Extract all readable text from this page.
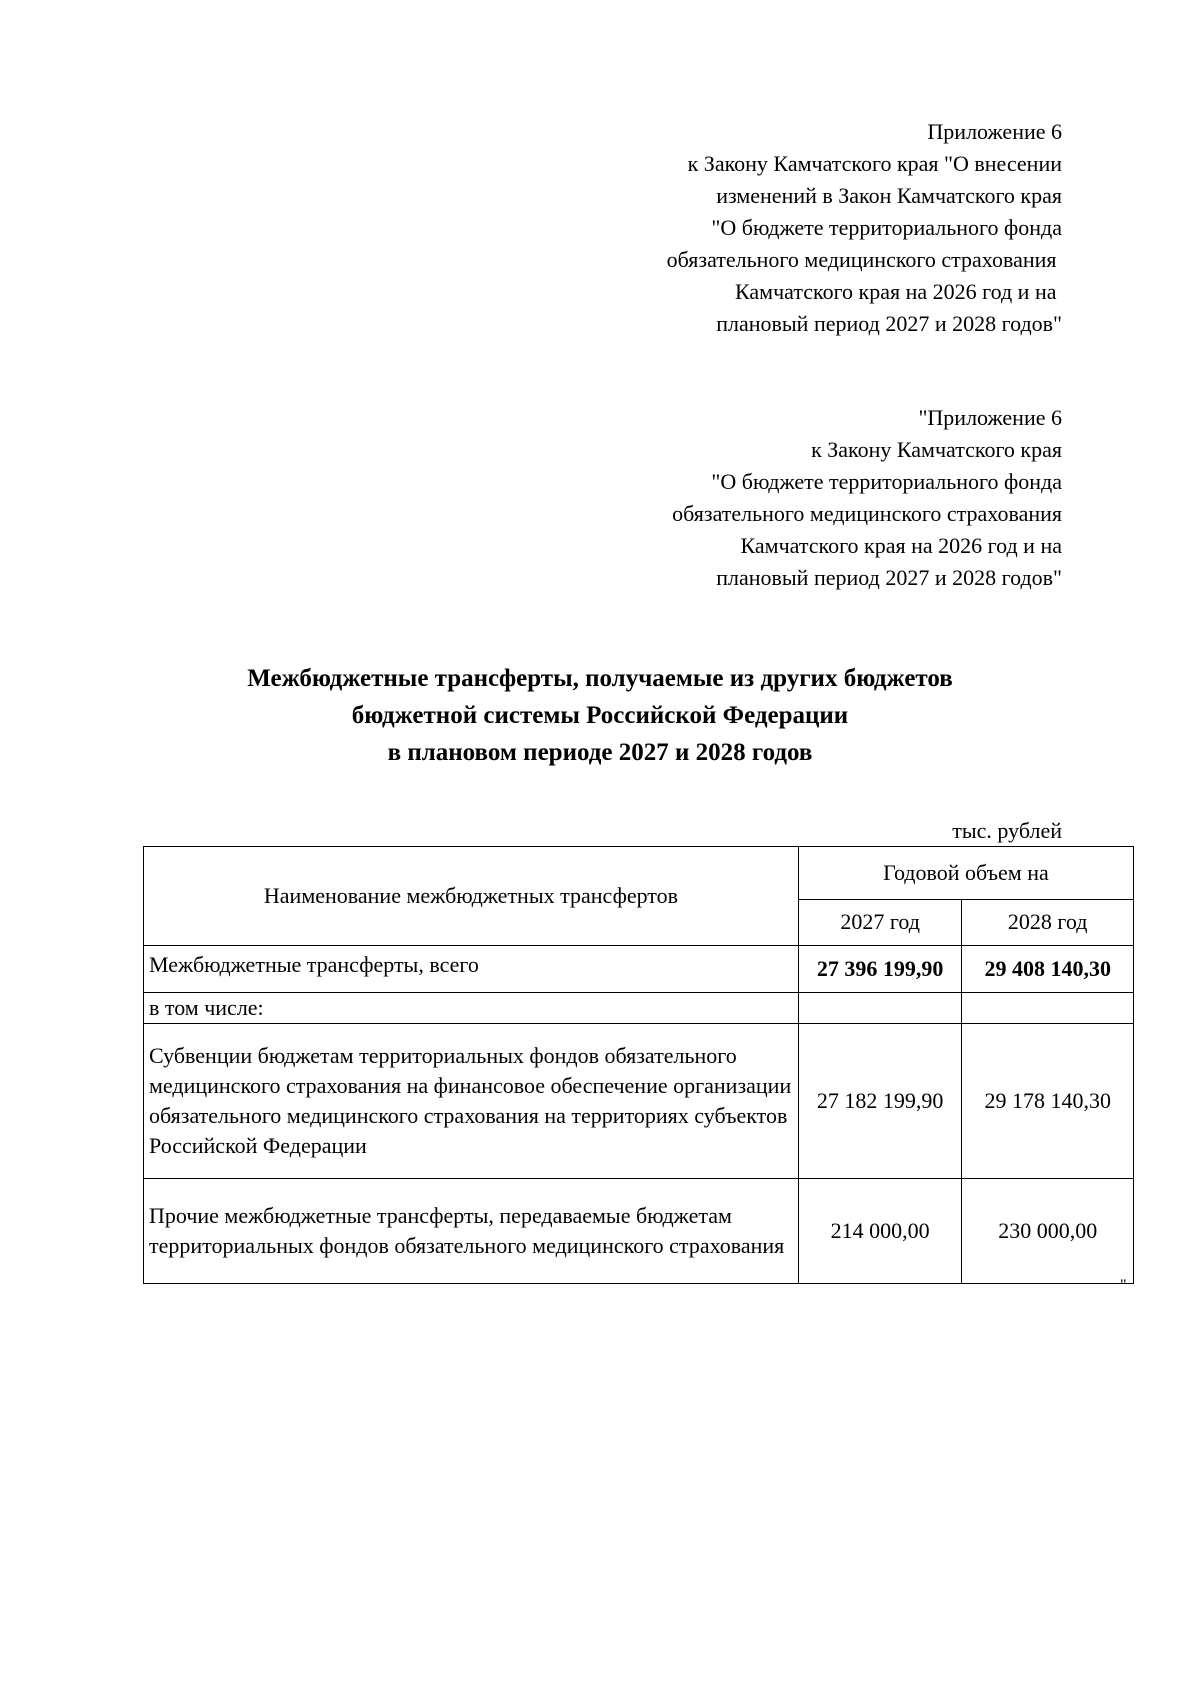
Приложение 6
к Закону Камчатского края "О внесении
изменений в Закон Камчатского края
"О бюджете территориального фонда
обязательного медицинского страхования
Камчатского края на 2026 год и на
плановый период 2027 и 2028 годов"
"Приложение 6
к Закону Камчатского края
"О бюджете территориального фонда
обязательного медицинского страхования
Камчатского края на 2026 год и на
плановый период 2027 и 2028 годов"
Межбюджетные трансферты, получаемые из других бюджетов
бюджетной системы Российской Федерации
в плановом периоде 2027 и 2028 годов
тыс. рублей
Наименование межбюджетных трансфертов	Годовой объем на	
	2027 год	2028 год
Межбюджетные трансферты, всего	27 396 199,90	29 408 140,30
в том числе:		
Субвенции бюджетам территориальных фондов обязательного медицинского страхования на финансовое обеспечение организации обязательного медицинского страхования на территориях субъектов Российской Федерации	27 182 199,90	29 178 140,30
Прочие межбюджетные трансферты, передаваемые бюджетам территориальных фондов обязательного медицинского страхования	214 000,00	230 000,00
"
